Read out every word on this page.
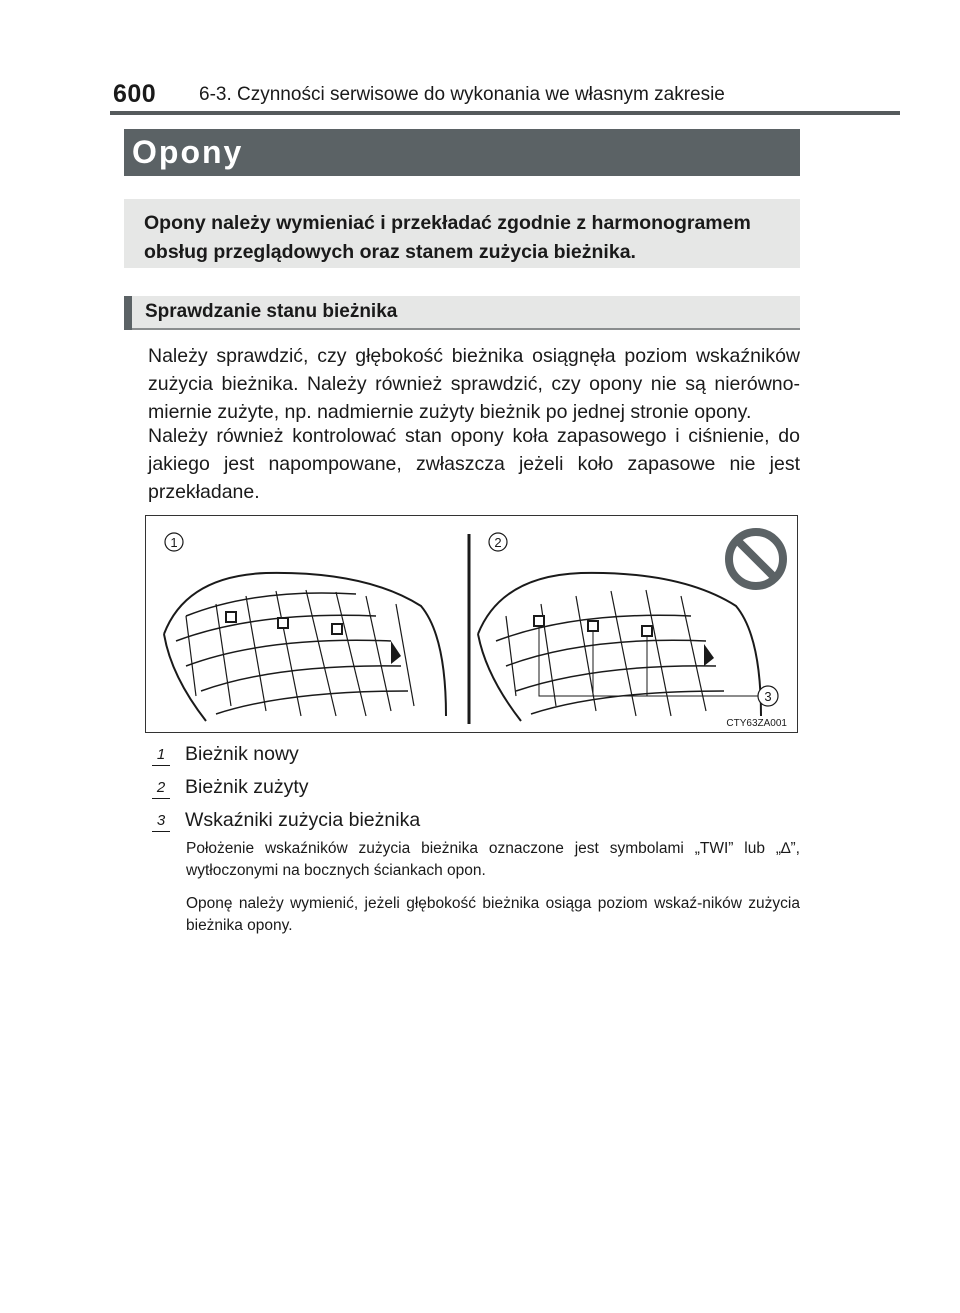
600 6-3. Czynności serwisowe do wykonania we własnym zakresie
Opony

Opony należy wymieniać i przekładać zgodnie z harmonogramem obsług przeglądowych oraz stanem zużycia bieżnika.

Sprawdzanie stanu bieżnika

Należy sprawdzić, czy głębokość bieżnika osiągnęła poziom wskaźników zużycia bieżnika. Należy również sprawdzić, czy opony nie są nierówno-miernie zużyte, np. nadmiernie zużyty bieżnik po jednej stronie opony.

Należy również kontrolować stan opony koła zapasowego i ciśnienie, do jakiego jest napompowane, zwłaszcza jeżeli koło zapasowe nie jest przekładane.

1	2
3
CTY63ZA001
1 Bieżnik nowy
2 Bieżnik zużyty
3 Wskaźniki zużycia bieżnika

Położenie wskaźników zużycia bieżnika oznaczone jest symbolami „TWI” lub „∆”, wytłoczonymi na bocznych ściankach opon.

Oponę należy wymienić, jeżeli głębokość bieżnika osiąga poziom wskaź-ników zużycia bieżnika opony.
